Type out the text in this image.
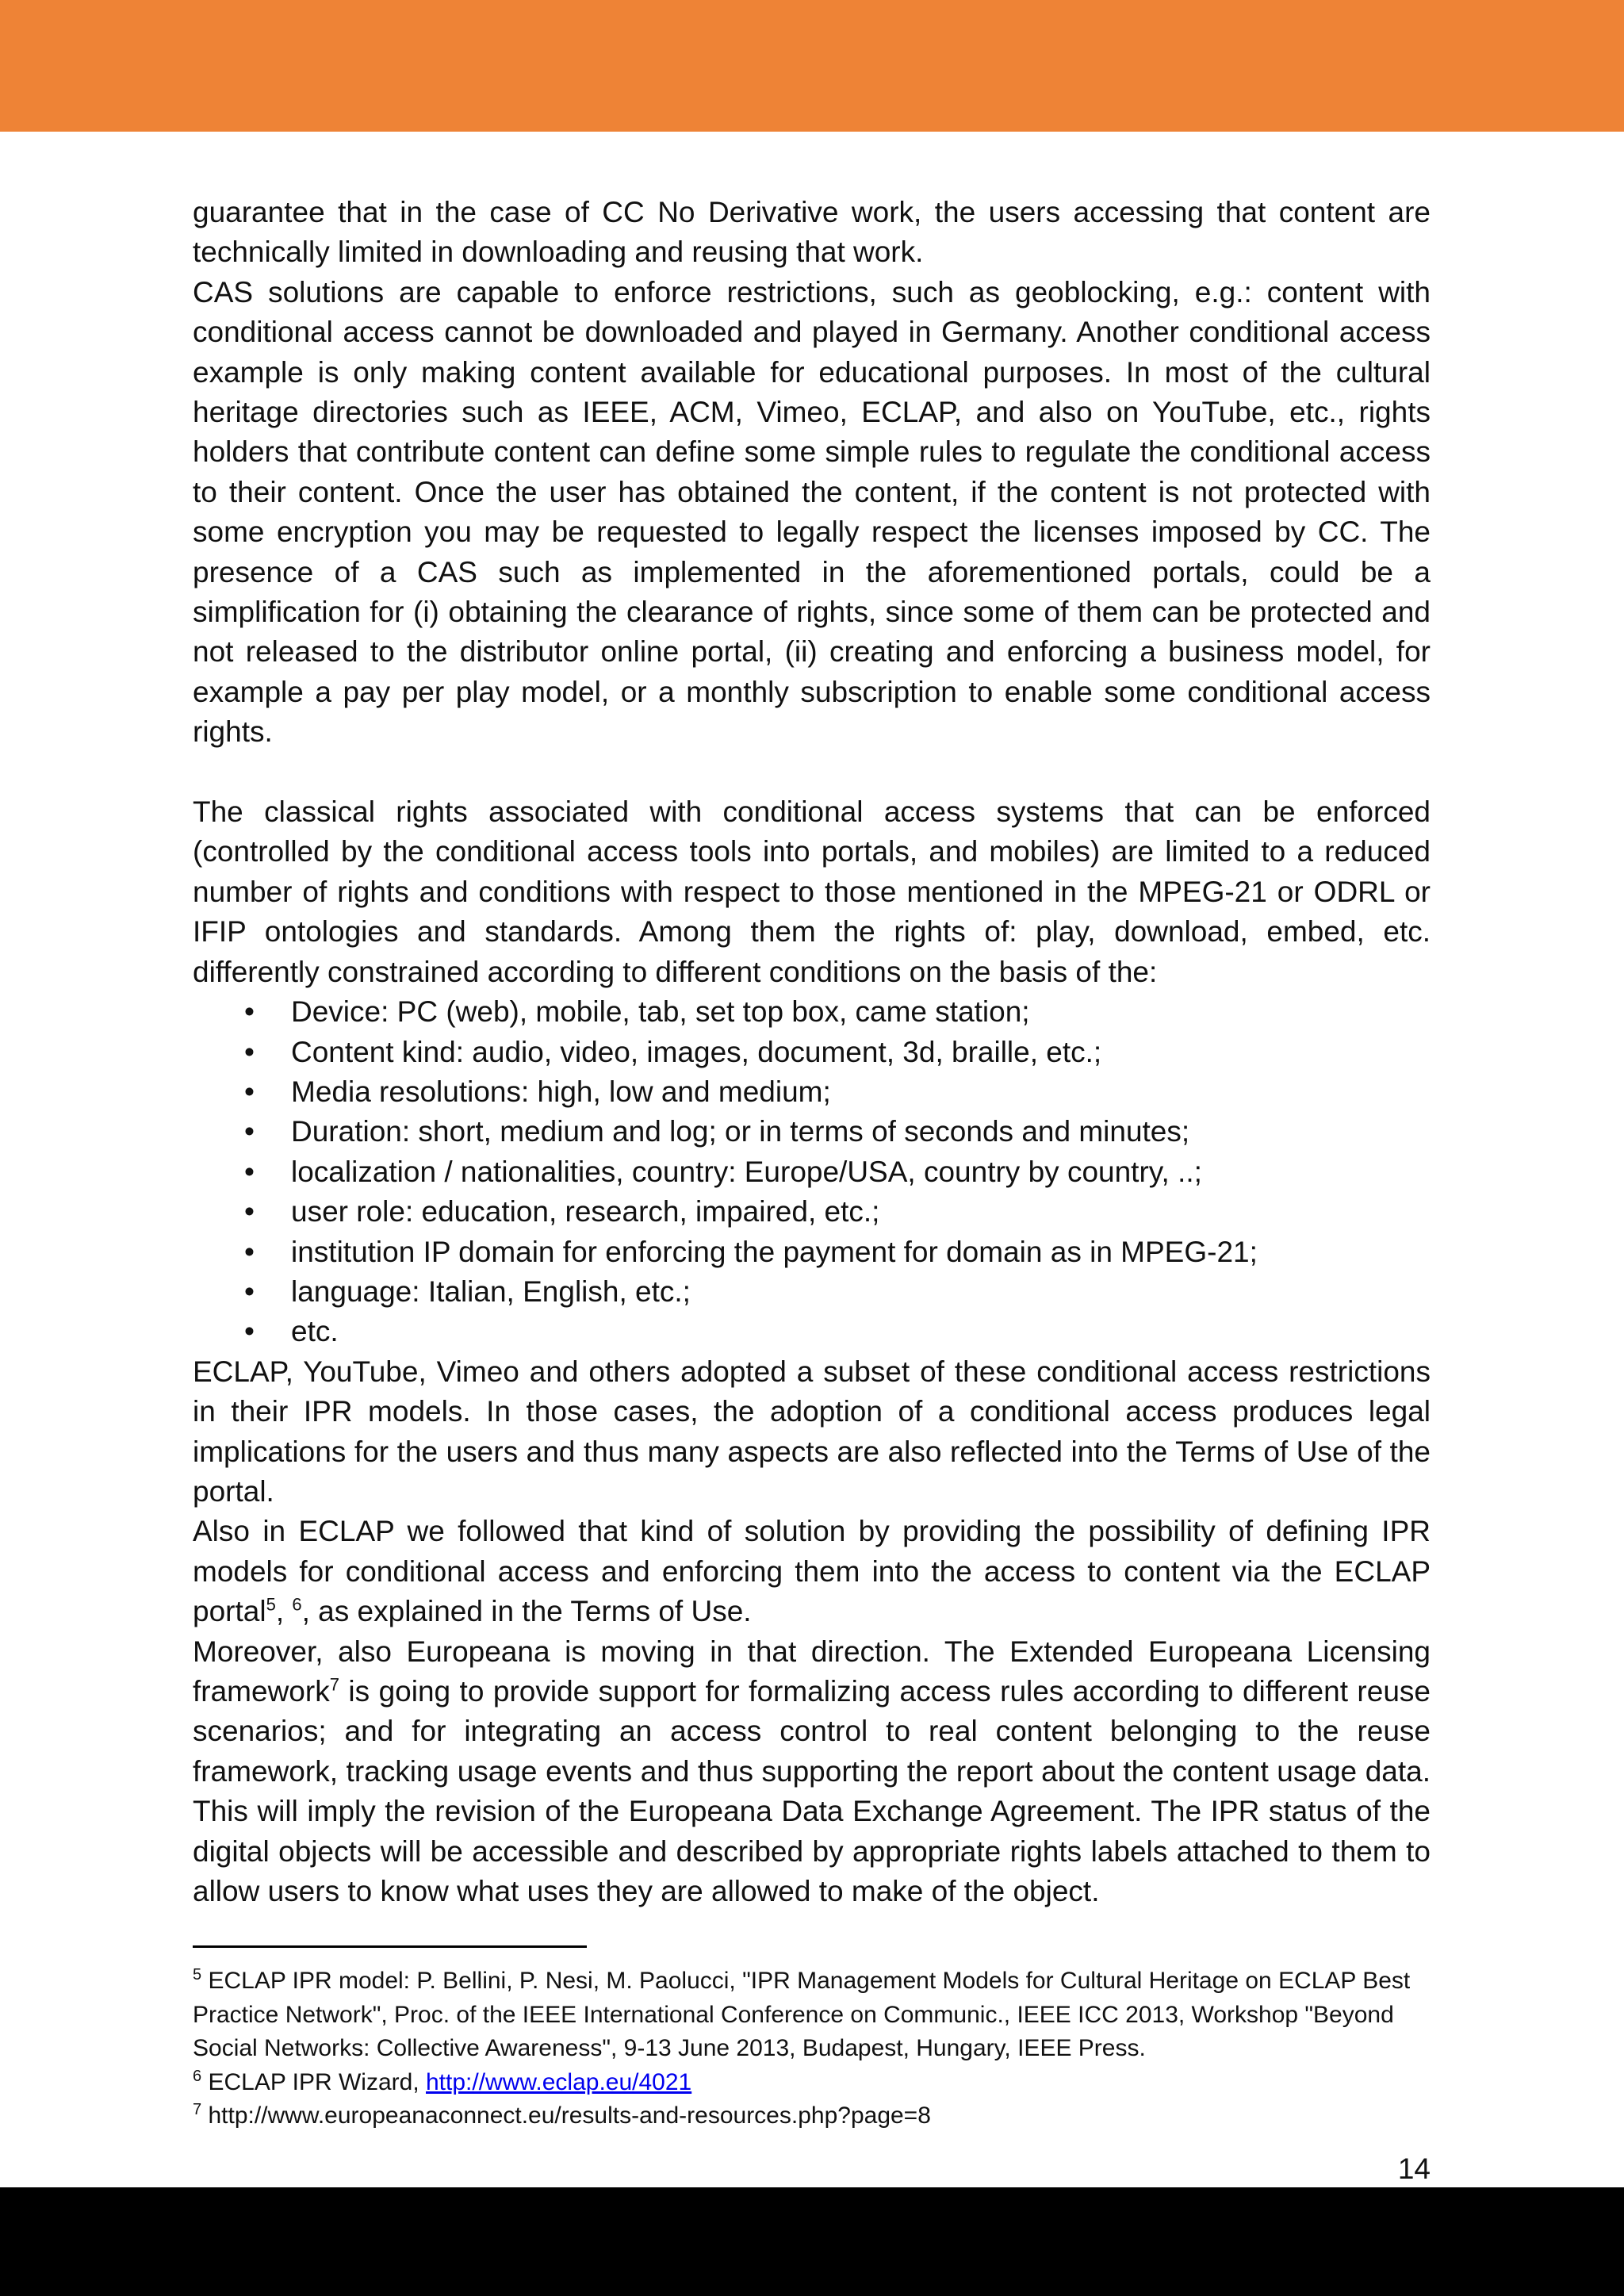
guarantee that in the case of CC No Derivative work, the users accessing that content are technically limited in downloading and reusing that work.

CAS solutions are capable to enforce restrictions, such as geoblocking, e.g.: content with conditional access cannot be downloaded and played in Germany. Another conditional access example is only making content available for educational purposes. In most of the cultural heritage directories such as IEEE, ACM, Vimeo, ECLAP, and also on YouTube, etc., rights holders that contribute content can define some simple rules to regulate the conditional access to their content. Once the user has obtained the content, if the content is not protected with some encryption you may be requested to legally respect the licenses imposed by CC. The presence of a CAS such as implemented in the aforementioned portals, could be a simplification for (i) obtaining the clearance of rights, since some of them can be protected and not released to the distributor online portal, (ii) creating and enforcing a business model, for example a pay per play model, or a monthly subscription to enable some conditional access rights.

The classical rights associated with conditional access systems that can be enforced (controlled by the conditional access tools into portals, and mobiles) are limited to a reduced number of rights and conditions with respect to those mentioned in the MPEG-21 or ODRL or IFIP ontologies and standards. Among them the rights of: play, download, embed, etc. differently constrained according to different conditions on the basis of the:

• Device: PC (web), mobile, tab, set top box, came station;
• Content kind: audio, video, images, document, 3d, braille, etc.;
• Media resolutions: high, low and medium;
• Duration: short, medium and log; or in terms of seconds and minutes;
• localization / nationalities, country: Europe/USA, country by country, ..;
• user role: education, research, impaired, etc.;
• institution IP domain for enforcing the payment for domain as in MPEG-21;
• language: Italian, English, etc.;
• etc.

ECLAP, YouTube, Vimeo and others adopted a subset of these conditional access restrictions in their IPR models. In those cases, the adoption of a conditional access produces legal implications for the users and thus many aspects are also reflected into the Terms of Use of the portal.

Also in ECLAP we followed that kind of solution by providing the possibility of defining IPR models for conditional access and enforcing them into the access to content via the ECLAP portal$^5$, $^6$, as explained in the Terms of Use.

Moreover, also Europeana is moving in that direction. The Extended Europeana Licensing framework$^7$ is going to provide support for formalizing access rules according to different reuse scenarios; and for integrating an access control to real content belonging to the reuse framework, tracking usage events and thus supporting the report about the content usage data. This will imply the revision of the Europeana Data Exchange Agreement. The IPR status of the digital objects will be accessible and described by appropriate rights labels attached to them to allow users to know what uses they are allowed to make of the object.

$^5$ ECLAP IPR model: P. Bellini, P. Nesi, M. Paolucci, "IPR Management Models for Cultural Heritage on ECLAP Best Practice Network", Proc. of the IEEE International Conference on Communic., IEEE ICC 2013, Workshop "Beyond Social Networks: Collective Awareness", 9-13 June 2013, Budapest, Hungary, IEEE Press.

$^6$ ECLAP IPR Wizard, http://www.eclap.eu/4021

$^7$ http://www.europeanaconnect.eu/results-and-resources.php?page=8

14
